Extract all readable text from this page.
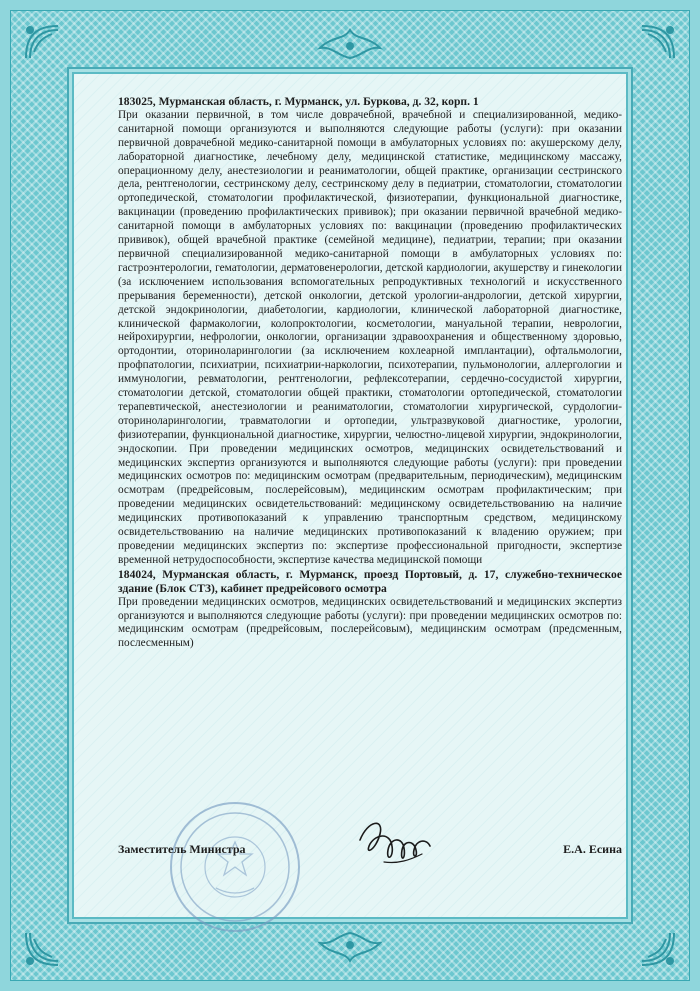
183025, Мурманская область, г. Мурманск, ул. Буркова, д. 32, корп. 1

При оказании первичной, в том числе доврачебной, врачебной и специализированной, медико-санитарной помощи организуются и выполняются следующие работы (услуги): при оказании первичной доврачебной медико-санитарной помощи в амбулаторных условиях по: акушерскому делу, лабораторной диагностике, лечебному делу, медицинской статистике, медицинскому массажу, операционному делу, анестезиологии и реаниматологии, общей практике, организации сестринского дела, рентгенологии, сестринскому делу, сестринскому делу в педиатрии, стоматологии, стоматологии ортопедической, стоматологии профилактической, физиотерапии, функциональной диагностике, вакцинации (проведению профилактических прививок); при оказании первичной врачебной медико-санитарной помощи в амбулаторных условиях по: вакцинации (проведению профилактических прививок), общей врачебной практике (семейной медицине), педиатрии, терапии; при оказании первичной специализированной медико-санитарной помощи в амбулаторных условиях по: гастроэнтерологии, гематологии, дерматовенерологии, детской кардиологии, акушерству и гинекологии (за исключением использования вспомогательных репродуктивных технологий и искусственного прерывания беременности), детской онкологии, детской урологии-андрологии, детской хирургии, детской эндокринологии, диабетологии, кардиологии, клинической лабораторной диагностике, клинической фармакологии, колопроктологии, косметологии, мануальной терапии, неврологии, нейрохирургии, нефрологии, онкологии, организации здравоохранения и общественному здоровью, ортодонтии, оториноларингологии (за исключением кохлеарной имплантации), офтальмологии, профпатологии, психиатрии, психиатрии-наркологии, психотерапии, пульмонологии, аллергологии и иммунологии, ревматологии, рентгенологии, рефлексотерапии, сердечно-сосудистой хирургии, стоматологии детской, стоматологии общей практики, стоматологии ортопедической, стоматологии терапевтической, анестезиологии и реаниматологии, стоматологии хирургической, сурдологии-оториноларингологии, травматологии и ортопедии, ультразвуковой диагностике, урологии, физиотерапии, функциональной диагностике, хирургии, челюстно-лицевой хирургии, эндокринологии, эндоскопии. При проведении медицинских осмотров, медицинских освидетельствований и медицинских экспертиз организуются и выполняются следующие работы (услуги): при проведении медицинских осмотров по: медицинским осмотрам (предварительным, периодическим), медицинским осмотрам (предрейсовым, послерейсовым), медицинским осмотрам профилактическим; при проведении медицинских освидетельствований: медицинскому освидетельствованию на наличие медицинских противопоказаний к управлению транспортным средством, медицинскому освидетельствованию на наличие медицинских противопоказаний к владению оружием; при проведении медицинских экспертиз по: экспертизе профессиональной пригодности, экспертизе временной нетрудоспособности, экспертизе качества медицинской помощи

184024, Мурманская область, г. Мурманск, проезд Портовый, д. 17, служебно-техническое здание (Блок СТЗ), кабинет предрейсового осмотра

При проведении медицинских осмотров, медицинских освидетельствований и медицинских экспертиз организуются и выполняются следующие работы (услуги): при проведении медицинских осмотров по: медицинским осмотрам (предрейсовым, послерейсовым), медицинским осмотрам (предсменным, послесменным)

Заместитель Министра	Е.А. Есина
